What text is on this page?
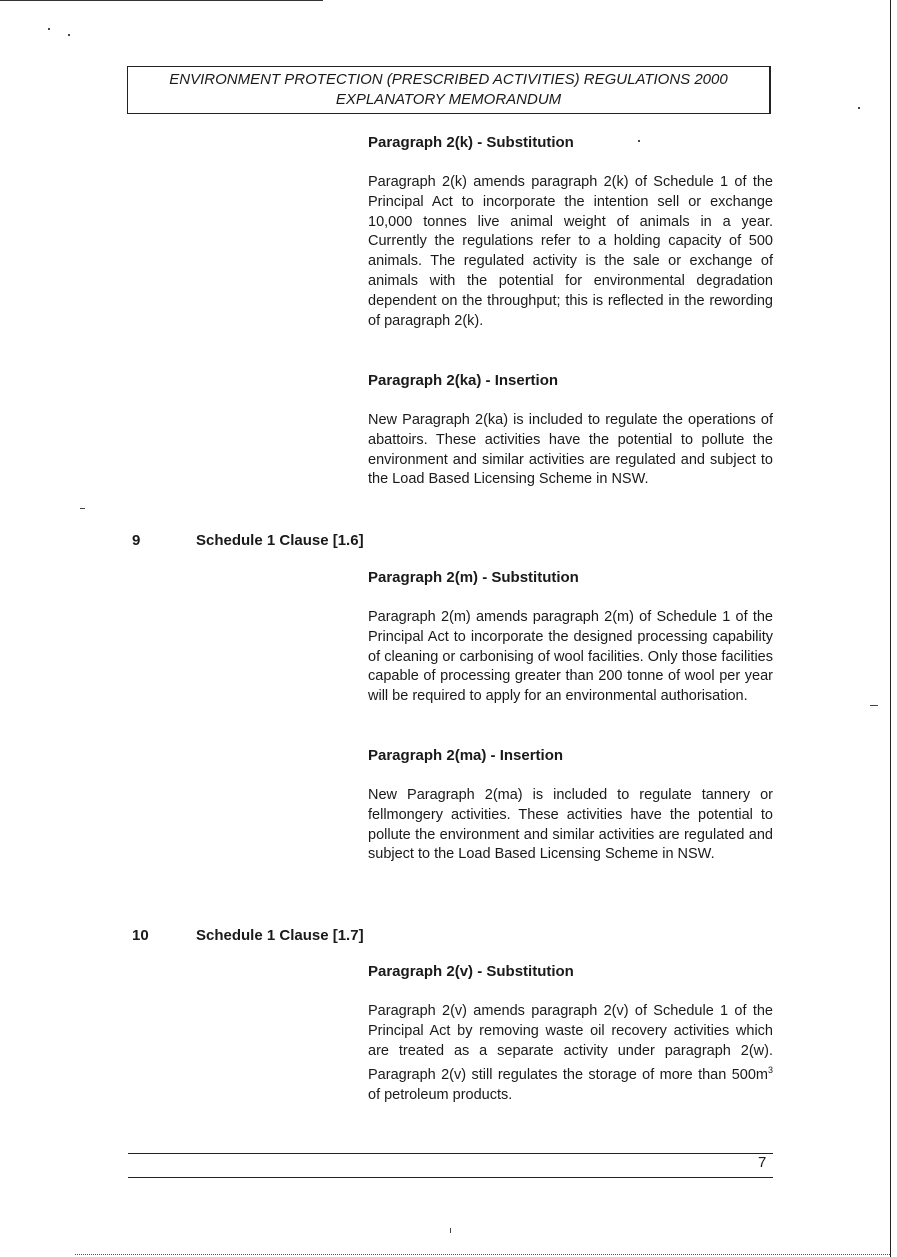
ENVIRONMENT PROTECTION (PRESCRIBED ACTIVITIES) REGULATIONS 2000
EXPLANATORY MEMORANDUM
Paragraph 2(k) - Substitution
Paragraph 2(k) amends paragraph 2(k) of Schedule 1 of the Principal Act to incorporate the intention sell or exchange 10,000 tonnes live animal weight of animals in a year. Currently the regulations refer to a holding capacity of 500 animals. The regulated activity is the sale or exchange of animals with the potential for environmental degradation dependent on the throughput; this is reflected in the rewording of paragraph 2(k).
Paragraph 2(ka) - Insertion
New Paragraph 2(ka) is included to regulate the operations of abattoirs. These activities have the potential to pollute the environment and similar activities are regulated and subject to the Load Based Licensing Scheme in NSW.
9	Schedule 1 Clause [1.6]
Paragraph 2(m) - Substitution
Paragraph 2(m) amends paragraph 2(m) of Schedule 1 of the Principal Act to incorporate the designed processing capability of cleaning or carbonising of wool facilities. Only those facilities capable of processing greater than 200 tonne of wool per year will be required to apply for an environmental authorisation.
Paragraph 2(ma) - Insertion
New Paragraph 2(ma) is included to regulate tannery or fellmongery activities. These activities have the potential to pollute the environment and similar activities are regulated and subject to the Load Based Licensing Scheme in NSW.
10	Schedule 1 Clause [1.7]
Paragraph 2(v) - Substitution
Paragraph 2(v) amends paragraph 2(v) of Schedule 1 of the Principal Act by removing waste oil recovery activities which are treated as a separate activity under paragraph 2(w). Paragraph 2(v) still regulates the storage of more than $500m^3$ of petroleum products.
7
